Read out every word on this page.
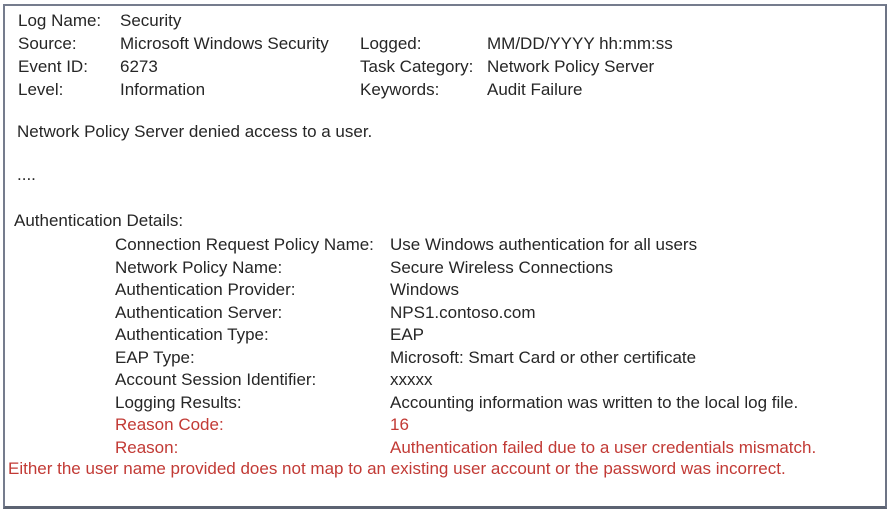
Log Name:	Security
Source:	Microsoft Windows Security	Logged:	MM/DD/YYYY hh:mm:ss
Event ID:	6273	Task Category: Network Policy Server
Level:	Information	Keywords:	Audit Failure
Network Policy Server denied access to a user.
....
Authentication Details:
Connection Request Policy Name: Use Windows authentication for all users
Network Policy Name:	Secure Wireless Connections
Authentication Provider:	Windows
Authentication Server:	NPS1.contoso.com
Authentication Type:	EAP
EAP Type:	Microsoft: Smart Card or other certificate
Account Session Identifier:	xxxxx
Logging Results:	Accounting information was written to the local log file.
Reason Code:	16
Reason:	Authentication failed due to a user credentials mismatch.
Either the user name provided does not map to an existing user account or the password was incorrect.
